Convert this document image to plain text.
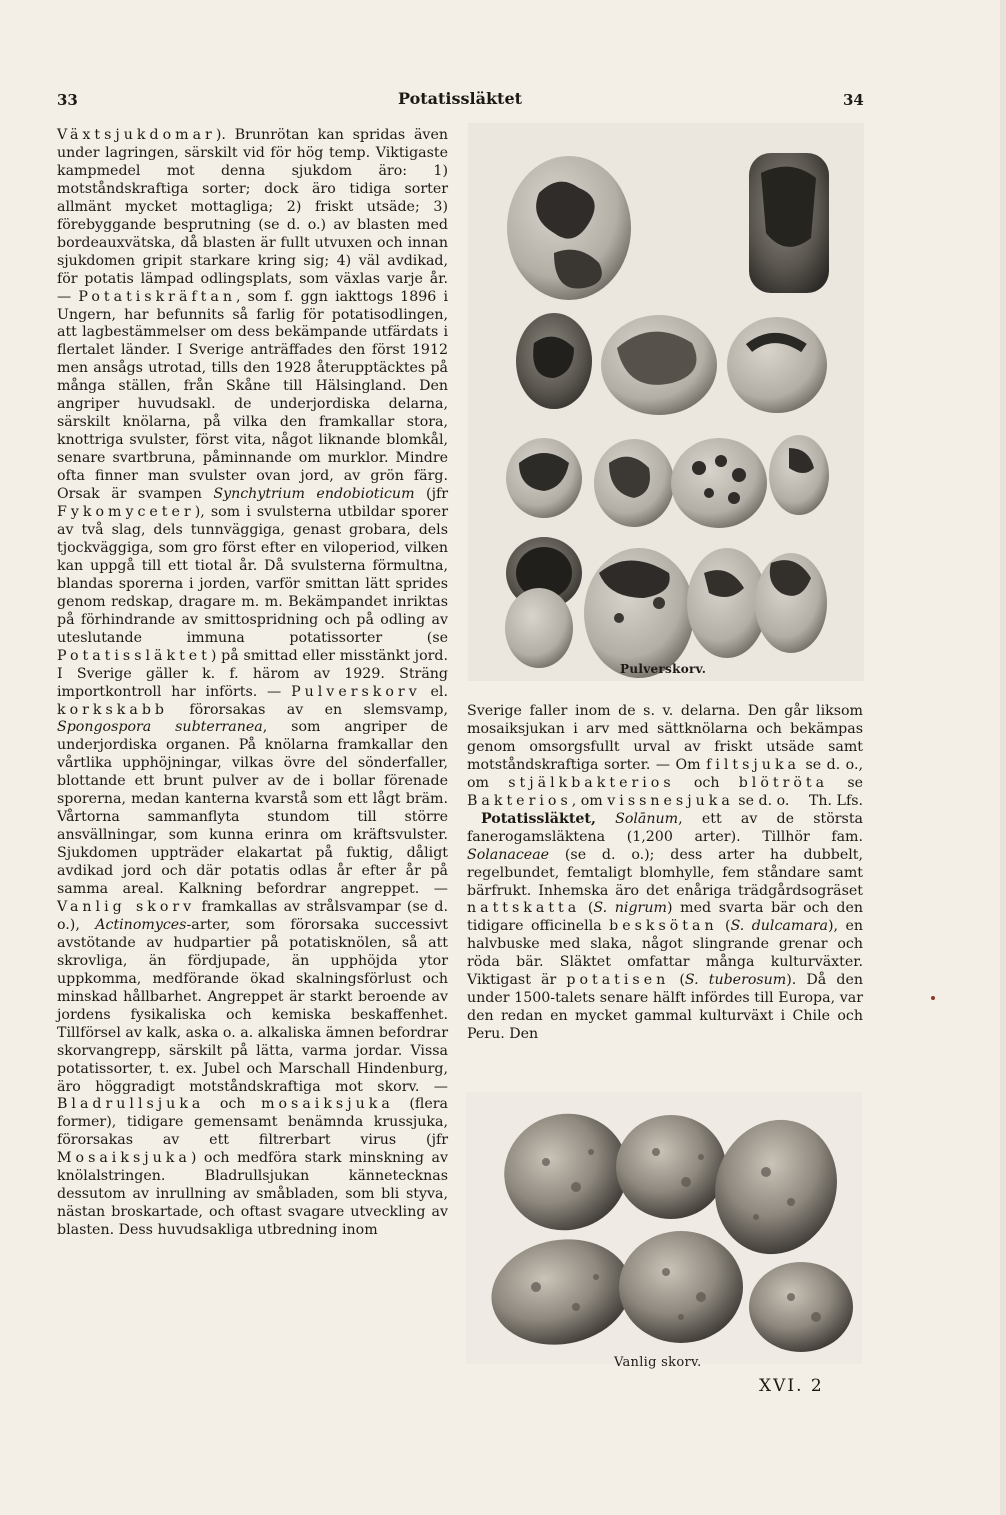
33	Potatissläktet	34

Växtsjukdomar). Brunrötan kan spridas även under lagringen, särskilt vid för hög temp. Viktigaste kampmedel mot denna sjukdom äro: 1) motståndskraftiga sorter; dock äro tidiga sorter allmänt mycket mottagliga; 2) friskt utsäde; 3) förebyggande besprutning (se d. o.) av blasten med bordeauxvätska, då blasten är fullt utvuxen och innan sjukdomen gripit starkare kring sig; 4) väl avdikad, för potatis lämpad odlingsplats, som växlas varje år. — Potatiskräftan, som f. ggn iakttogs 1896 i Ungern, har befunnits så farlig för potatisodlingen, att lagbestämmelser om dess bekämpande utfärdats i flertalet länder. I Sverige anträffades den först 1912 men ansågs utrotad, tills den 1928 återupptäcktes på många ställen, från Skåne till Hälsingland. Den angriper huvudsakl. de underjordiska delarna, särskilt knölarna, på vilka den framkallar stora, knottriga svulster, först vita, något liknande blomkål, senare svartbruna, påminnande om murklor. Mindre ofta finner man svulster ovan jord, av grön färg. Orsak är svampen Synchytrium endobioticum (jfr Fykomyceter), som i svulsterna utbildar sporer av två slag, dels tunnväggiga, genast grobara, dels tjockväggiga, som gro först efter en viloperiod, vilken kan uppgå till ett tiotal år. Då svulsterna förmultna, blandas sporerna i jorden, varför smittan lätt sprides genom redskap, dragare m. m. Bekämpandet inriktas på förhindrande av smittospridning och på odling av uteslutande immuna potatissorter (se Potatissläktet) på smittad eller misstänkt jord. I Sverige gäller k. f. härom av 1929. Sträng importkontroll har införts. — Pulverskorv el. korkskabb förorsakas av en slemsvamp, Spongospora subterranea, som angriper de underjordiska organen. På knölarna framkallar den vårtlika upphöjningar, vilkas övre del sönderfaller, blottande ett brunt pulver av de i bollar förenade sporerna, medan kanterna kvarstå som ett lågt bräm. Vårtorna sammanflyta stundom till större ansvällningar, som kunna erinra om kräftsvulster. Sjukdomen uppträder elakartat på fuktig, dåligt avdikad jord och där potatis odlas år efter år på samma areal. Kalkning befordrar angreppet. — Vanlig skorv framkallas av strålsvampar (se d. o.), Actinomyces-arter, som förorsaka successivt avstötande av hudpartier på potatisknölen, så att skrovliga, än fördjupade, än upphöjda ytor uppkomma, medförande ökad skalningsförlust och minskad hållbarhet. Angreppet är starkt beroende av jordens fysikaliska och kemiska beskaffenhet. Tillförsel av kalk, aska o. a. alkaliska ämnen befordrar skorvangrepp, särskilt på lätta, varma jordar. Vissa potatissorter, t. ex. Jubel och Marschall Hindenburg, äro höggradigt motståndskraftiga mot skorv. — Bladrullsjuka och mosaiksjuka (flera former), tidigare gemensamt benämnda krussjuka, förorsakas av ett filtrerbart virus (jfr Mosaiksjuka) och medföra stark minskning av knölalstringen. Bladrullsjukan kännetecknas dessutom av inrullning av småbladen, som bli styva, nästan broskartade, och oftast svagare utveckling av blasten. Dess huvudsakliga utbredning inom

Pulverskorv.

Sverige faller inom de s. v. delarna. Den går liksom mosaiksjukan i arv med sättknölarna och bekämpas genom omsorgsfullt urval av friskt utsäde samt motståndskraftiga sorter. — Om filtsjuka se d. o., om stjälkbakterios och blötröta se Bakterios, om vissnesjuka se d. o. Th. Lfs.

Potatissläktet, Solānum, ett av de största fanerogamsläktena (1,200 arter). Tillhör fam. Solanaceae (se d. o.); dess arter ha dubbelt, regelbundet, femtaligt blomhylle, fem ståndare samt bärfrukt. Inhemska äro det enåriga trädgårdsogräset nattskatta (S. nigrum) med svarta bär och den tidigare officinella besksötan (S. dulcamara), en halvbuske med slaka, något slingrande grenar och röda bär. Släktet omfattar många kulturväxter. Viktigast är potatisen (S. tuberosum). Då den under 1500-talets senare hälft infördes till Europa, var den redan en mycket gammal kulturväxt i Chile och Peru. Den

Vanlig skorv.
XVI. 2
